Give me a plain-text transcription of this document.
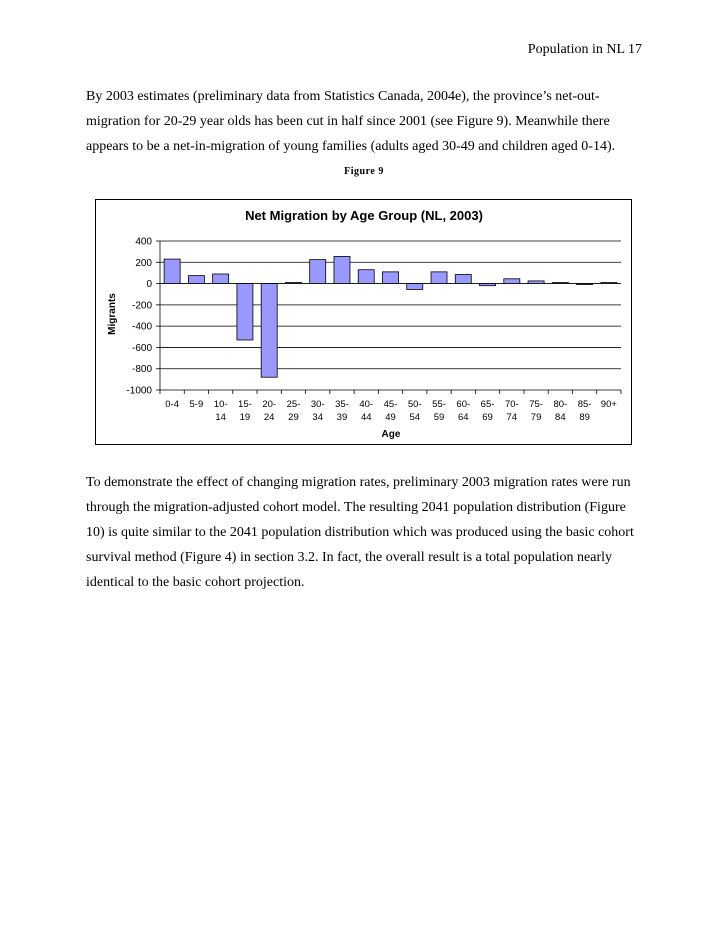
Population in NL 17
By 2003 estimates (preliminary data from Statistics Canada, 2004e), the province’s net-out-migration for 20-29 year olds has been cut in half since 2001 (see Figure 9). Meanwhile there appears to be a net-in-migration of young families (adults aged 30-49 and children aged 0-14).
Figure 9
Net Migration by Age Group (NL, 2003)
400
200
0
-200
-400
-600
-800
-1000
0-4 5-9 10-
14
15-
19
20-
24
25-
29
30-
34
35-
39
40-
44
45-
49
50-
54
55-
59
60-
64
65-
69
70-
74
75-
79
80-
84
85-
89
90+
Migrants
Age
To demonstrate the effect of changing migration rates, preliminary 2003 migration rates were run through the migration-adjusted cohort model. The resulting 2041 population distribution (Figure 10) is quite similar to the 2041 population distribution which was produced using the basic cohort survival method (Figure 4) in section 3.2. In fact, the overall result is a total population nearly identical to the basic cohort projection.
